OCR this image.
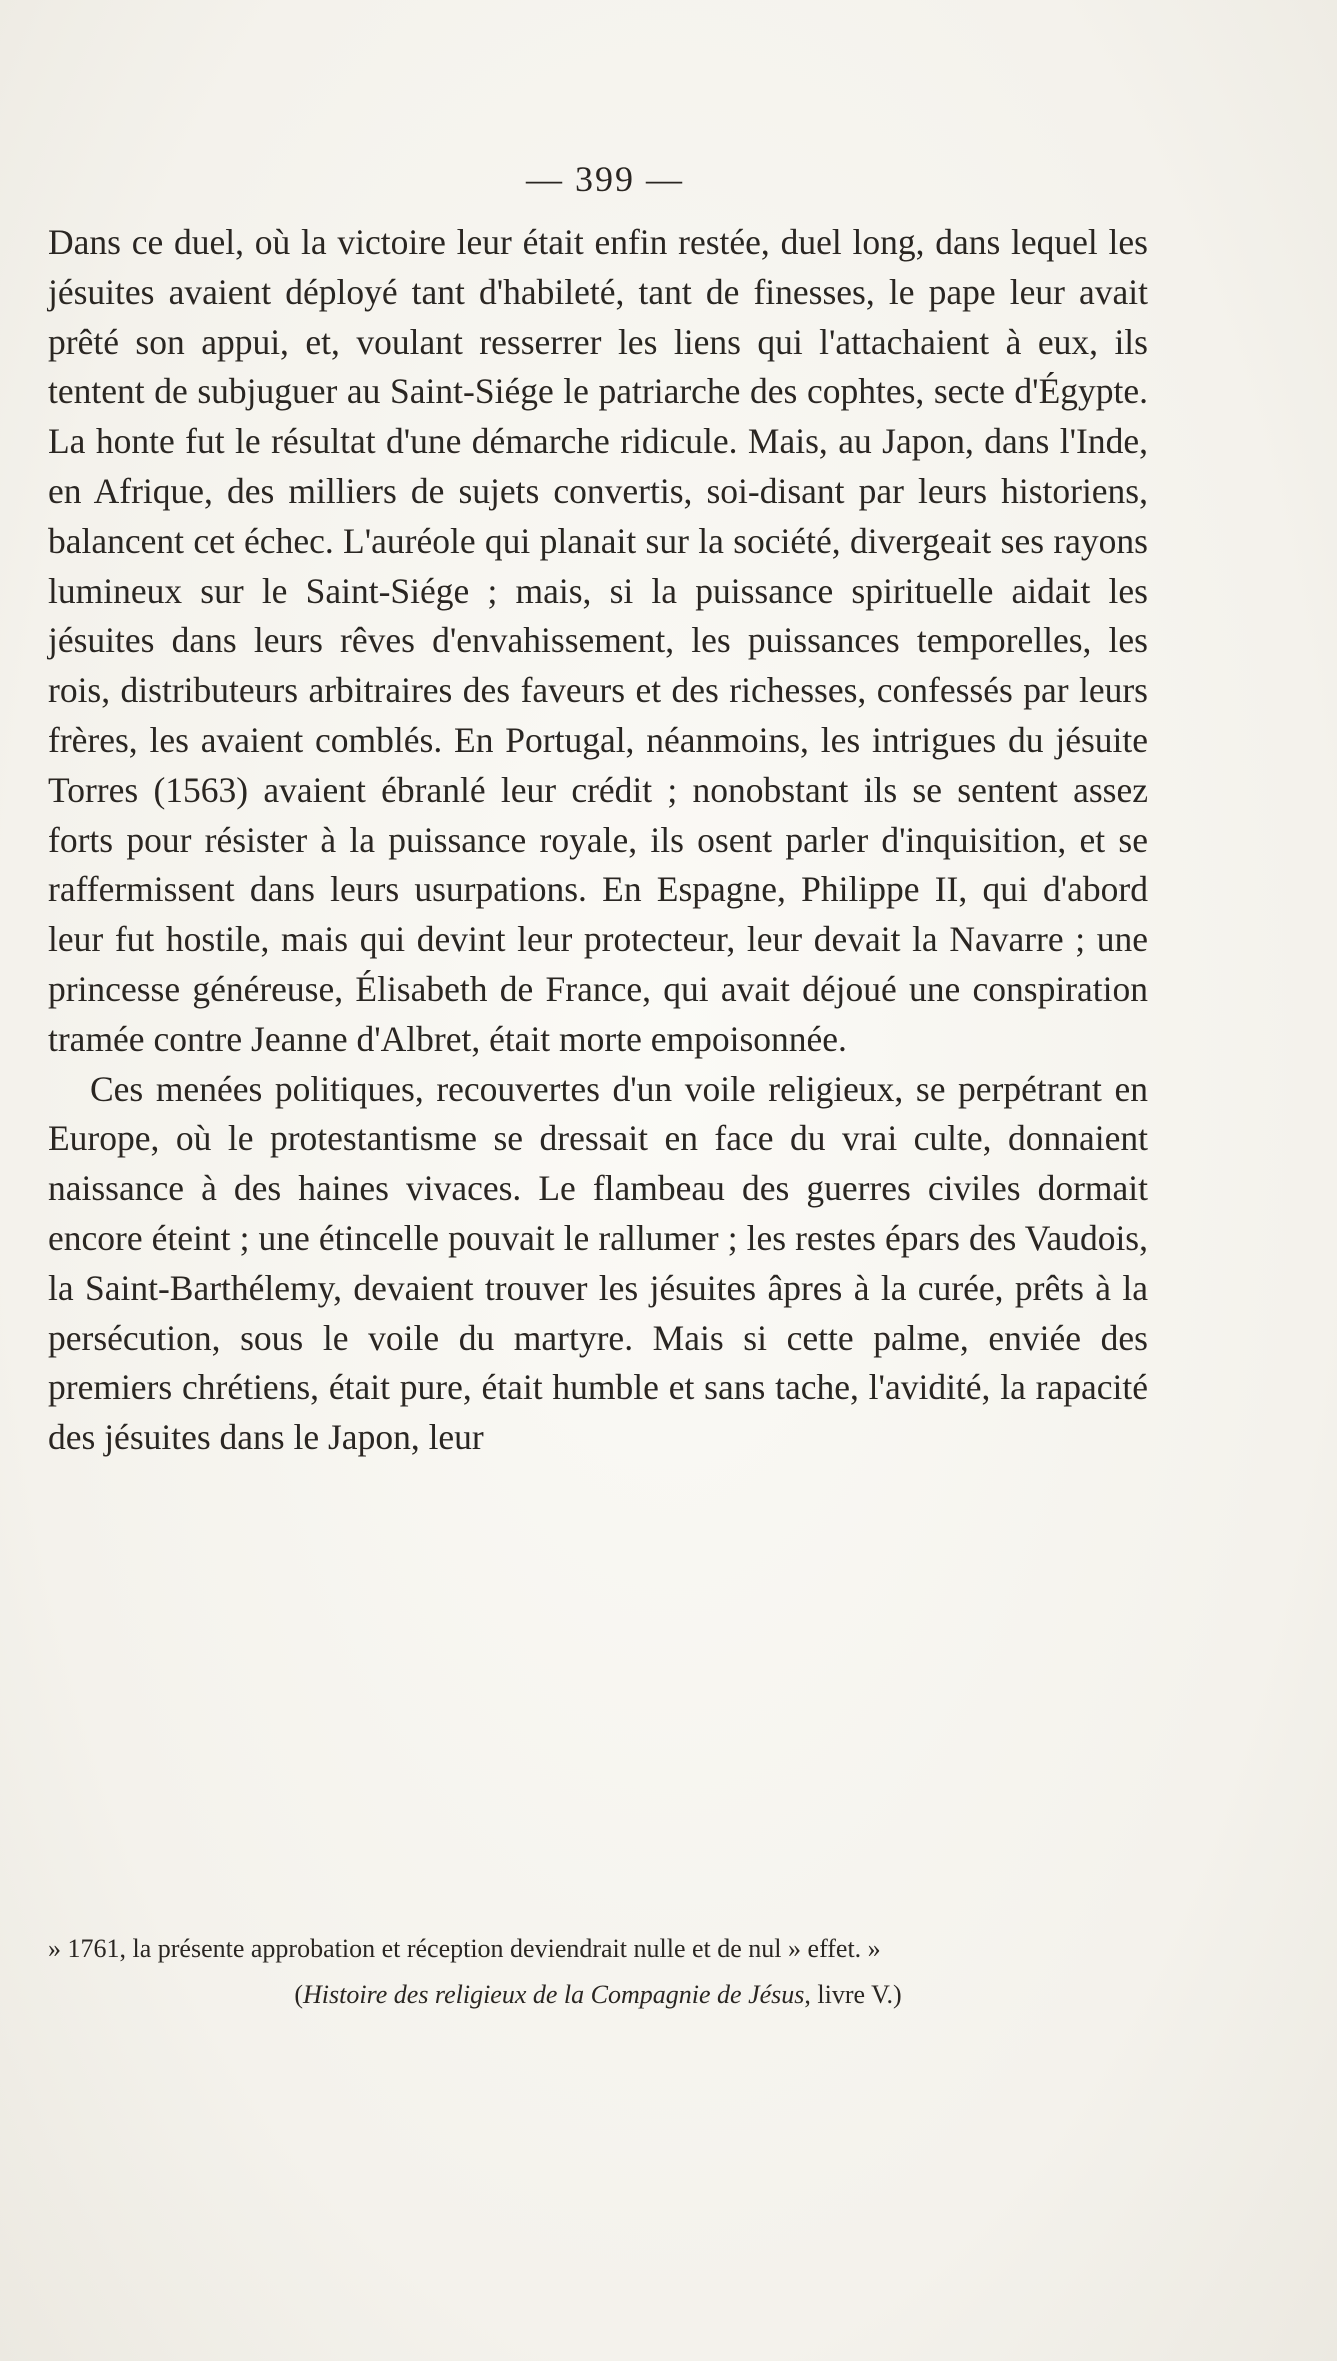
— 399 —

Dans ce duel, où la victoire leur était enfin restée, duel long, dans lequel les jésuites avaient déployé tant d'habileté, tant de finesses, le pape leur avait prêté son appui, et, voulant resserrer les liens qui l'attachaient à eux, ils tentent de subjuguer au Saint-Siége le patriarche des cophtes, secte d'Égypte. La honte fut le résultat d'une démarche ridicule. Mais, au Japon, dans l'Inde, en Afrique, des milliers de sujets convertis, soi-disant par leurs historiens, balancent cet échec. L'auréole qui planait sur la société, divergeait ses rayons lumineux sur le Saint-Siége ; mais, si la puissance spirituelle aidait les jésuites dans leurs rêves d'envahissement, les puissances temporelles, les rois, distributeurs arbitraires des faveurs et des richesses, confessés par leurs frères, les avaient comblés. En Portugal, néanmoins, les intrigues du jésuite Torres (1563) avaient ébranlé leur crédit ; nonobstant ils se sentent assez forts pour résister à la puissance royale, ils osent parler d'inquisition, et se raffermissent dans leurs usurpations. En Espagne, Philippe II, qui d'abord leur fut hostile, mais qui devint leur protecteur, leur devait la Navarre ; une princesse généreuse, Élisabeth de France, qui avait déjoué une conspiration tramée contre Jeanne d'Albret, était morte empoisonnée.

Ces menées politiques, recouvertes d'un voile religieux, se perpétrant en Europe, où le protestantisme se dressait en face du vrai culte, donnaient naissance à des haines vivaces. Le flambeau des guerres civiles dormait encore éteint ; une étincelle pouvait le rallumer ; les restes épars des Vaudois, la Saint-Barthélemy, devaient trouver les jésuites âpres à la curée, prêts à la persécution, sous le voile du martyre. Mais si cette palme, enviée des premiers chrétiens, était pure, était humble et sans tache, l'avidité, la rapacité des jésuites dans le Japon, leur

» 1761, la présente approbation et réception deviendrait nulle et de nul » effet. »

(Histoire des religieux de la Compagnie de Jésus, livre V.)
